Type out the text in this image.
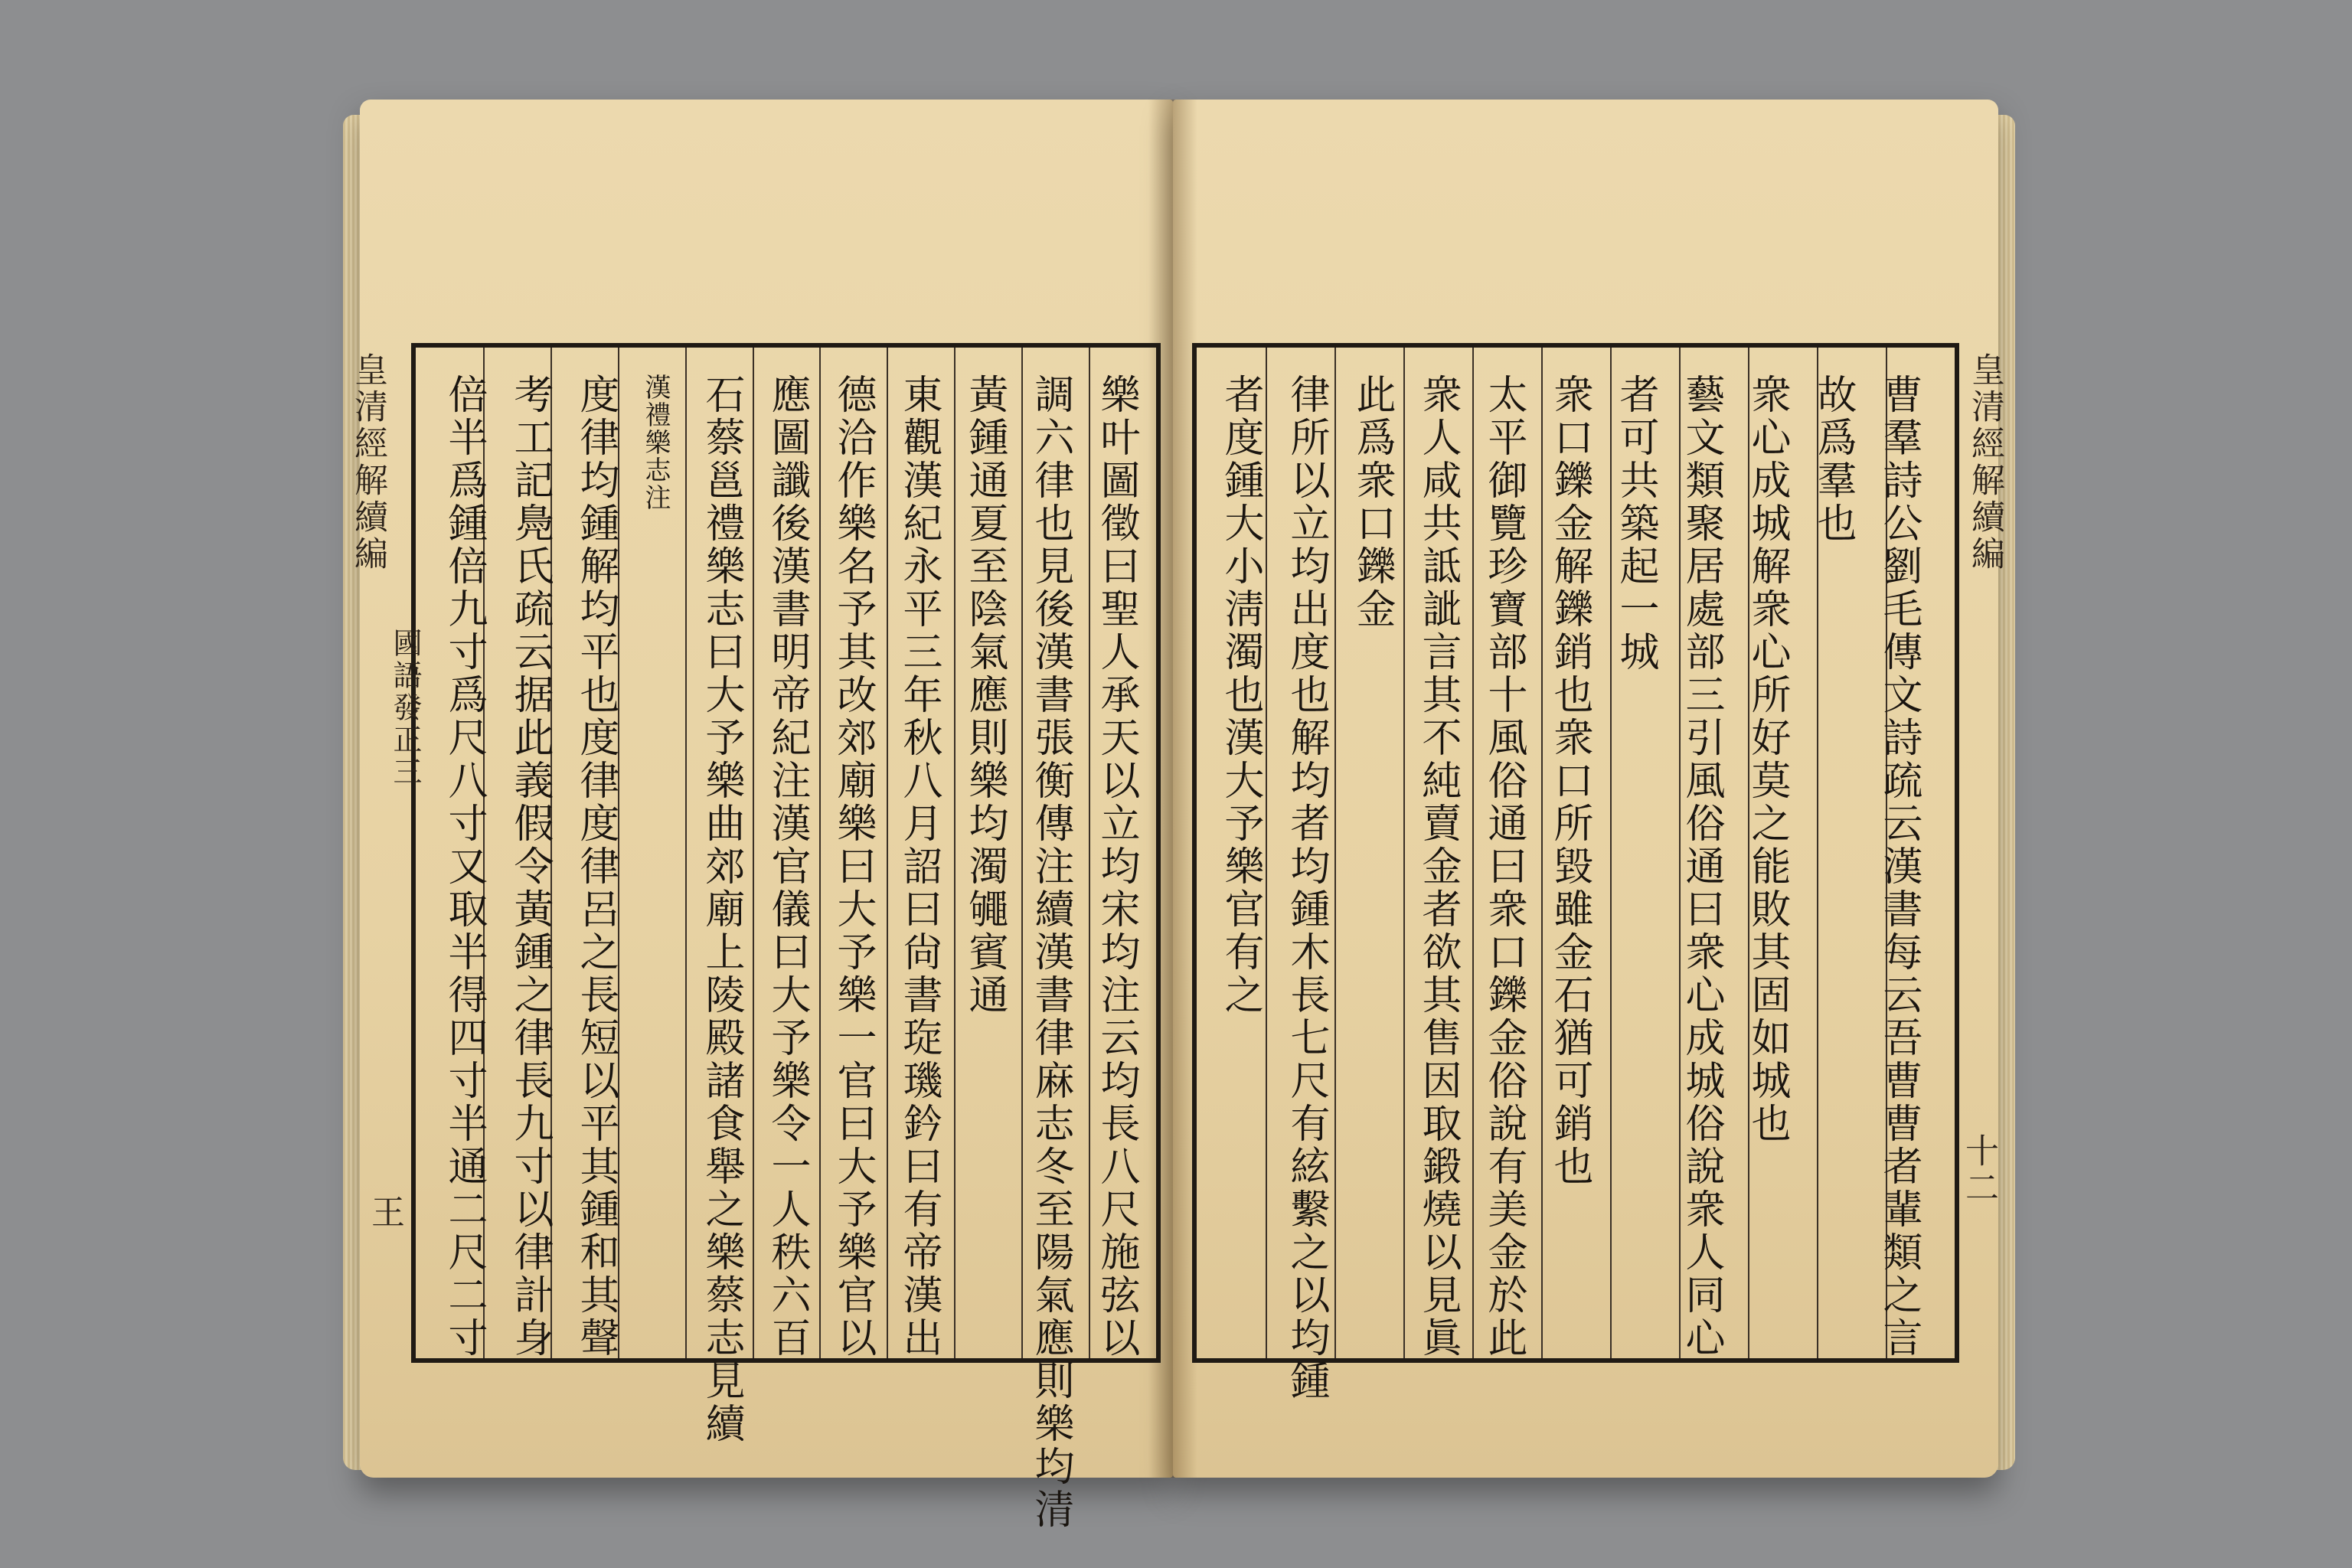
皇清經解續編
國語發正三
王
皇清經解續編
十二
樂叶圖徵曰聖人承天以立均宋均注云均長八尺施弦以
調六律也見後漢書張衡傳注續漢書律麻志冬至陽氣應則樂均清
黃鍾通夏至陰氣應則樂均濁䵶賓通
東觀漢紀永平三年秋八月詔曰尙書琁璣鈐曰有帝漢出
德洽作樂名予其改郊廟樂曰大予樂一官曰大予樂官以
應圖讖後漢書明帝紀注漢官儀曰大予樂令一人秩六百
石蔡邕禮樂志曰大予樂曲郊廟上陵殿諸食舉之樂蔡志見續
漢禮樂志注
度律均鍾解均平也度律度律呂之長短以平其鍾和其聲
考工記鳧氏疏云据此義假令黃鍾之律長九寸以律計身
倍半爲鍾倍九寸爲尺八寸又取半得四寸半通二尺二寸	曹羣詩公劉毛傳文詩疏云漢書每云吾曹曹者輩類之言
故爲羣也
衆心成城解衆心所好莫之能敗其固如城也
藝文類聚居處部三引風俗通曰衆心成城俗說衆人同心
者可共築起一城
衆口鑠金解鑠銷也衆口所毀雖金石猶可銷也
太平御覽珍寶部十風俗通曰衆口鑠金俗說有美金於此
衆人咸共詆訿言其不純賣金者欲其售因取鍛燒以見眞
此爲衆口鑠金
律所以立均出度也解均者均鍾木長七尺有絃繫之以均鍾
者度鍾大小淸濁也漢大予樂官有之
